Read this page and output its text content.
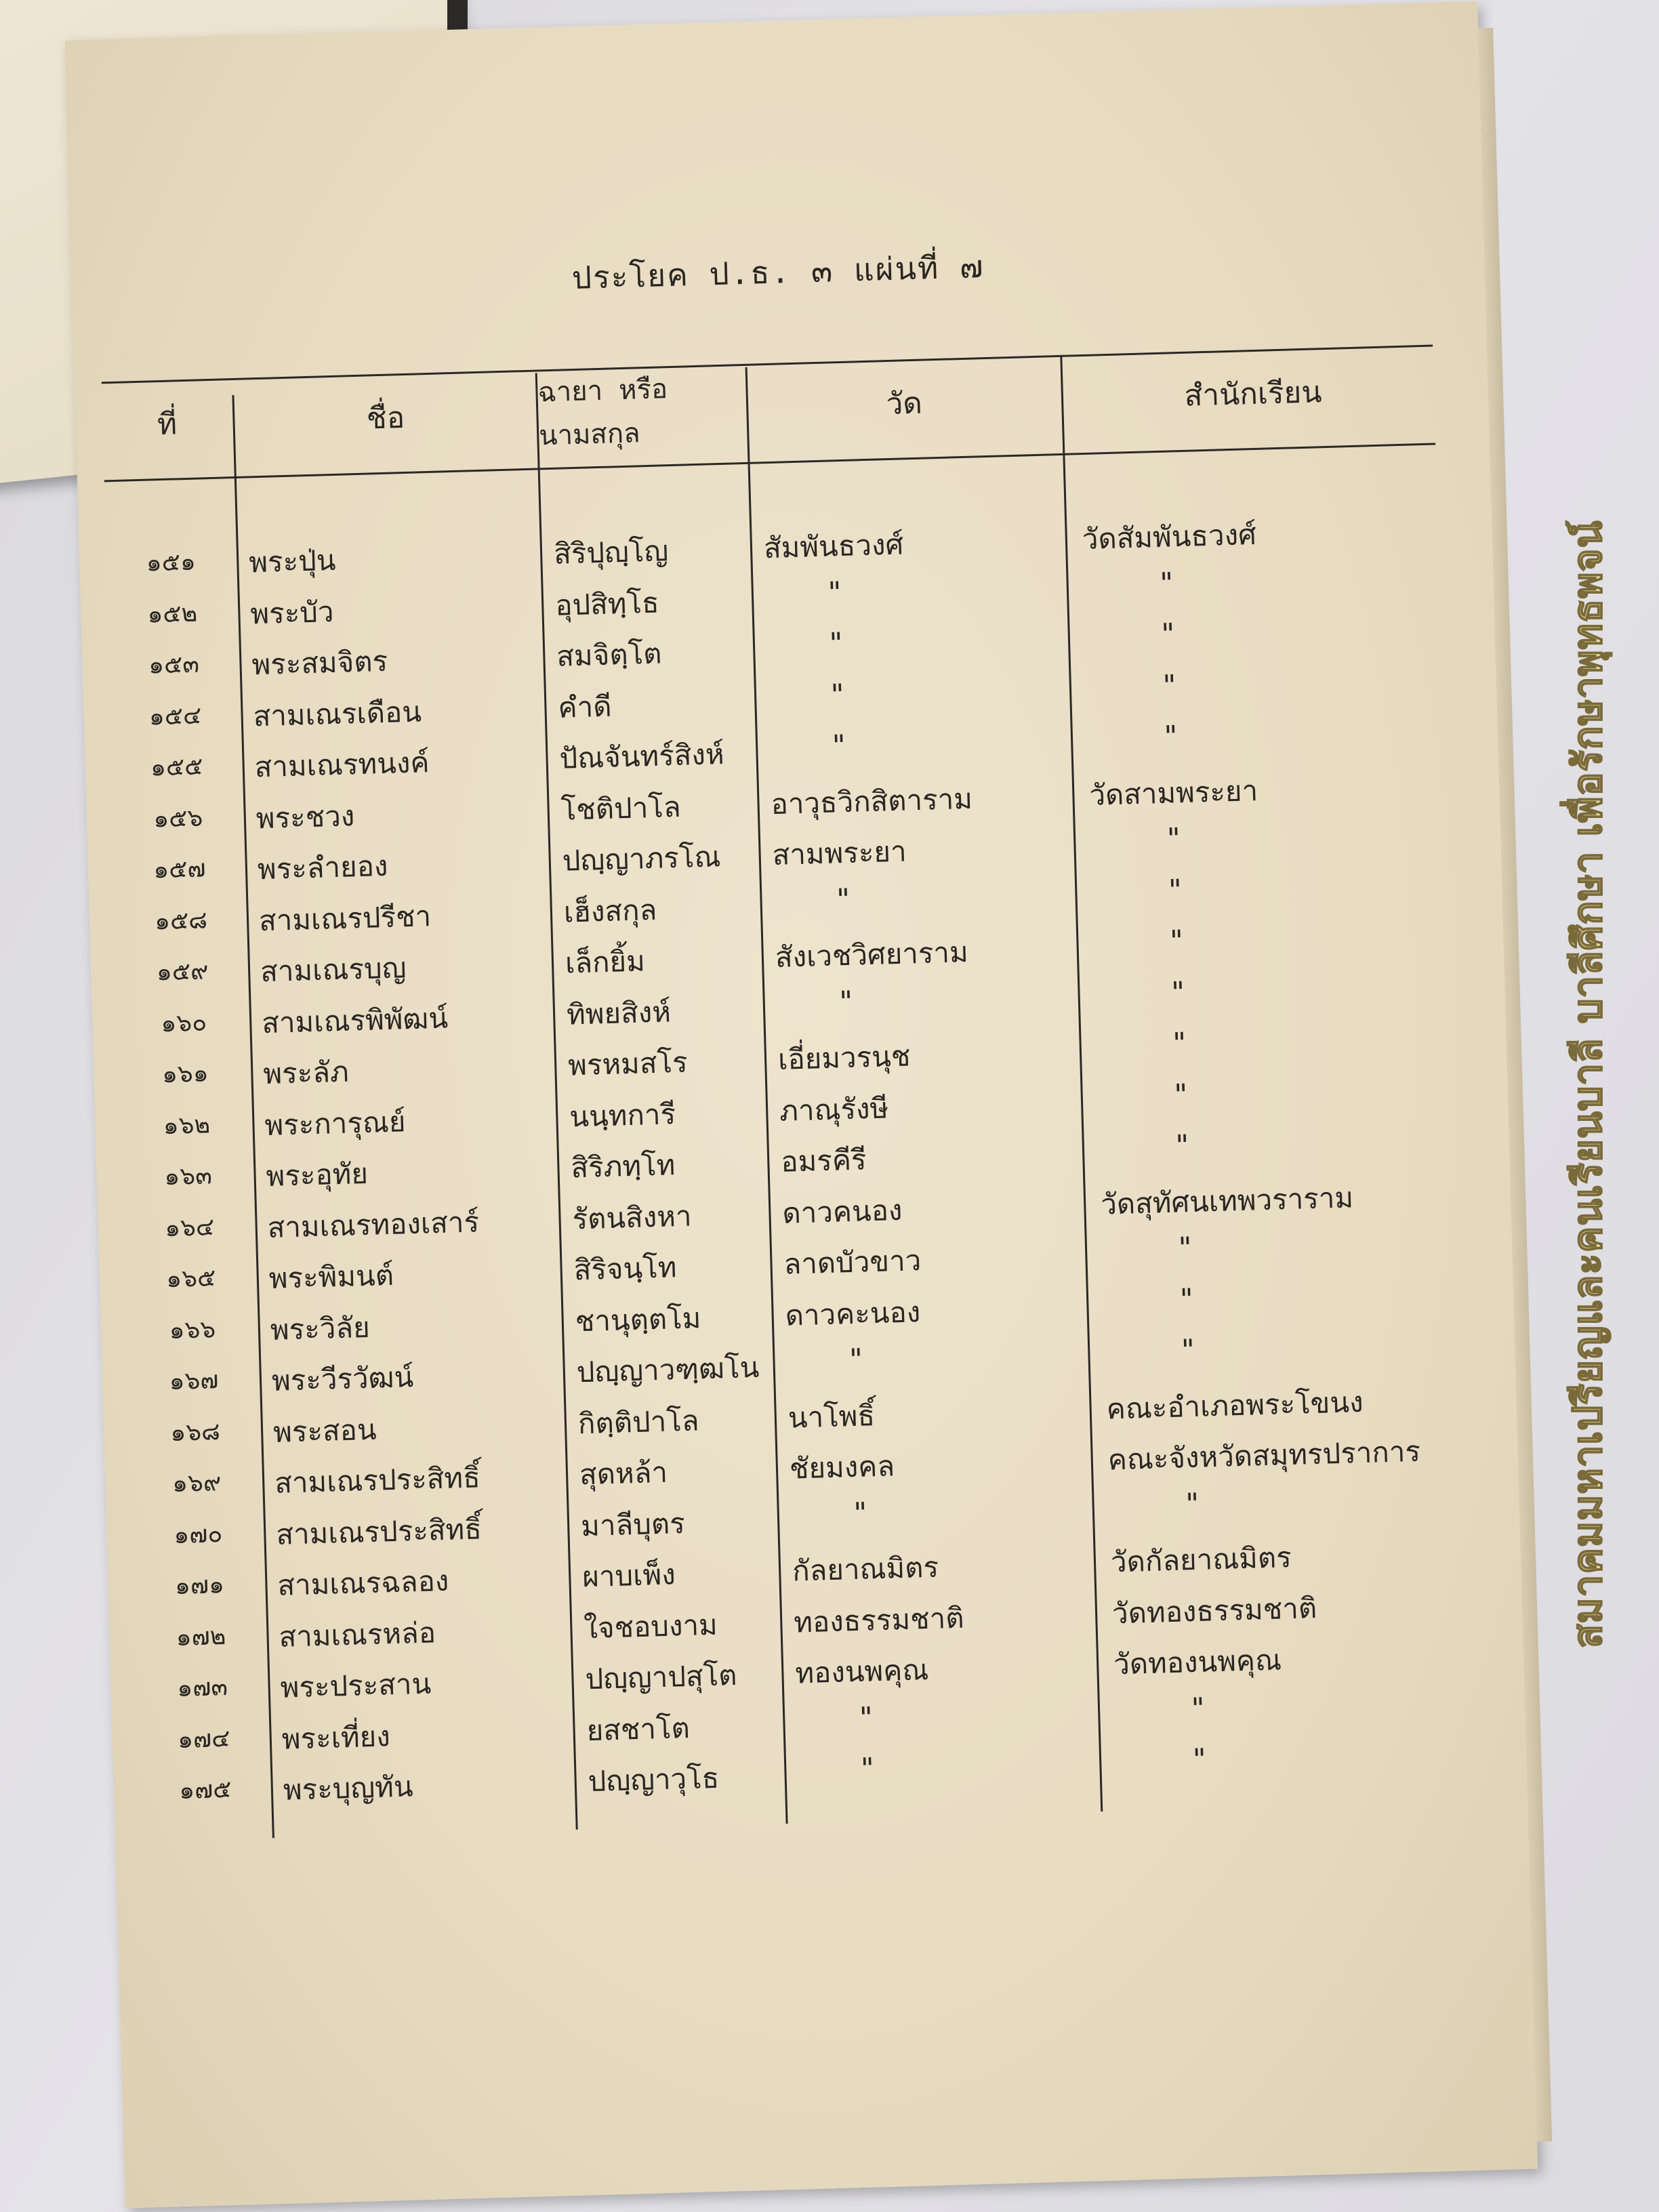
ประโยค ป.ธ. ๓ แผ่นที่ ๗
ที่	ชื่อ
ฉายา หรือนามสกุล
วัด	สำนักเรียน
๑๕๑	พระปุ่น	สิริปุญฺโญ	สัมพันธวงศ์	วัดสัมพันธวงศ์
๑๕๒	พระบัว	อุปสิทฺโธ	"	"
๑๕๓	พระสมจิตร	สมจิตฺโต	"	"
๑๕๔	สามเณรเดือน	คำดี	"	"
๑๕๕	สามเณรทนงค์	ปัณจันทร์สิงห์	"	"
๑๕๖	พระชวง	โชติปาโล	อาวุธวิกสิตาราม	วัดสามพระยา
๑๕๗	พระลำยอง	ปญฺญาภรโณ สามพระยา	"
๑๕๘	สามเณรปรีชา	เฮ็งสกุล	"	"
๑๕๙	สามเณรบุญ	เล็กยิ้ม	สังเวชวิศยาราม	"
๑๖๐	สามเณรพิพัฒน์	ทิพยสิงห์	"	"
๑๖๑	พระลัภ	พรหมสโร	เอี่ยมวรนุช	"
๑๖๒	พระการุณย์	นนฺทการี	ภาณุรังษี	"
๑๖๓	พระอุทัย	สิริภทฺโท	อมรคีรี	"
๑๖๔	สามเณรทองเสาร์	รัตนสิงหา	ดาวคนอง	วัดสุทัศนเทพวราราม
๑๖๕	พระพิมนต์	สิริจนฺโท	ลาดบัวขาว	"
๑๖๖	พระวิลัย	ชานุตฺตโม	ดาวคะนอง	"
๑๖๗	พระวีรวัฒน์	ปญฺญาวฑฺฒโน	"	"
๑๖๘	พระสอน	กิตฺติปาโล	นาโพธิ์	คณะอำเภอพระโขนง
๑๖๙	สามเณรประสิทธิ์	สุดหล้า	ชัยมงคล	คณะจังหวัดสมุทรปราการ
๑๗๐	สามเณรประสิทธิ์	มาลีบุตร	"	"
๑๗๑	สามเณรฉลอง	ผาบเพ็ง	กัลยาณมิตร	วัดกัลยาณมิตร
๑๗๒	สามเณรหล่อ	ใจชอบงาม	ทองธรรมชาติ	วัดทองธรรมชาติ
๑๗๓	พระประสาน	ปญฺญาปสุโต ทองนพคุณ	วัดทองนพคุณ
๑๗๔	พระเที่ยง	ยสชาโต	"	"
๑๗๕	พระบุญทัน	ปญฺญาวุโธ	"	"
สมาคมมหาเปรียญและคนเรียนบาลี บาลีศึกษา เพื่อรักษาพุทธพจน์
